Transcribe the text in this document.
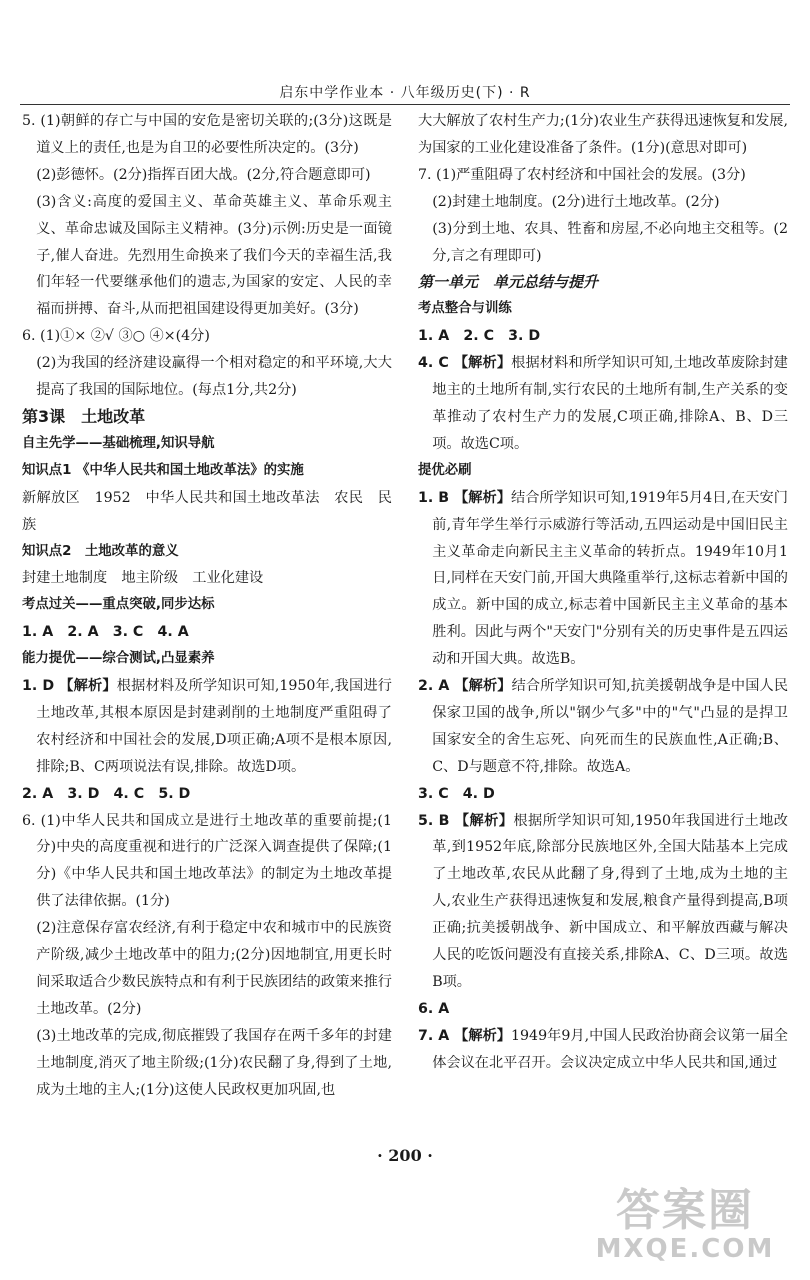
启东中学作业本 · 八年级历史(下) · R

5. (1)朝鲜的存亡与中国的安危是密切关联的;(3分)这既是道义上的责任,也是为自卫的必要性所决定的。(3分)

(2)彭德怀。(2分)指挥百团大战。(2分,符合题意即可)

(3)含义:高度的爱国主义、革命英雄主义、革命乐观主义、革命忠诚及国际主义精神。(3分)示例:历史是一面镜子,催人奋进。先烈用生命换来了我们今天的幸福生活,我们年轻一代要继承他们的遗志,为国家的安定、人民的幸福而拼搏、奋斗,从而把祖国建设得更加美好。(3分)

6. (1)①× ②√ ③○ ④×(4分)

(2)为我国的经济建设赢得一个相对稳定的和平环境,大大提高了我国的国际地位。(每点1分,共2分)

第3课　土地改革

自主先学——基础梳理,知识导航

知识点1 《中华人民共和国土地改革法》的实施

新解放区　1952　中华人民共和国土地改革法　农民　民族

知识点2　土地改革的意义

封建土地制度　地主阶级　工业化建设

考点过关——重点突破,同步达标

1. A　2. A　3. C　4. A

能力提优——综合测试,凸显素养

1. D 【解析】根据材料及所学知识可知,1950年,我国进行土地改革,其根本原因是封建剥削的土地制度严重阻碍了农村经济和中国社会的发展,D项正确;A项不是根本原因,排除;B、C两项说法有误,排除。故选D项。

2. A　3. D　4. C　5. D

6. (1)中华人民共和国成立是进行土地改革的重要前提;(1分)中央的高度重视和进行的广泛深入调查提供了保障;(1分)《中华人民共和国土地改革法》的制定为土地改革提供了法律依据。(1分)

(2)注意保存富农经济,有利于稳定中农和城市中的民族资产阶级,减少土地改革中的阻力;(2分)因地制宜,用更长时间采取适合少数民族特点和有利于民族团结的政策来推行土地改革。(2分)

(3)土地改革的完成,彻底摧毁了我国存在两千多年的封建土地制度,消灭了地主阶级;(1分)农民翻了身,得到了土地,成为土地的主人;(1分)这使人民政权更加巩固,也

大大解放了农村生产力;(1分)农业生产获得迅速恢复和发展,为国家的工业化建设准备了条件。(1分)(意思对即可)

7. (1)严重阻碍了农村经济和中国社会的发展。(3分)

(2)封建土地制度。(2分)进行土地改革。(2分)

(3)分到土地、农具、牲畜和房屋,不必向地主交租等。(2分,言之有理即可)

第一单元　单元总结与提升

考点整合与训练

1. A　2. C　3. D

4. C 【解析】根据材料和所学知识可知,土地改革废除封建地主的土地所有制,实行农民的土地所有制,生产关系的变革推动了农村生产力的发展,C项正确,排除A、B、D三项。故选C项。

提优必刷

1. B 【解析】结合所学知识可知,1919年5月4日,在天安门前,青年学生举行示威游行等活动,五四运动是中国旧民主主义革命走向新民主主义革命的转折点。1949年10月1日,同样在天安门前,开国大典隆重举行,这标志着新中国的成立。新中国的成立,标志着中国新民主主义革命的基本胜利。因此与两个"天安门"分别有关的历史事件是五四运动和开国大典。故选B。

2. A 【解析】结合所学知识可知,抗美援朝战争是中国人民保家卫国的战争,所以"钢少气多"中的"气"凸显的是捍卫国家安全的舍生忘死、向死而生的民族血性,A正确;B、C、D与题意不符,排除。故选A。

3. C　4. D

5. B 【解析】根据所学知识可知,1950年我国进行土地改革,到1952年底,除部分民族地区外,全国大陆基本上完成了土地改革,农民从此翻了身,得到了土地,成为土地的主人,农业生产获得迅速恢复和发展,粮食产量得到提高,B项正确;抗美援朝战争、新中国成立、和平解放西藏与解决人民的吃饭问题没有直接关系,排除A、C、D三项。故选B项。

6. A

7. A 【解析】1949年9月,中国人民政治协商会议第一届全体会议在北平召开。会议决定成立中华人民共和国,通过

· 200 ·
答案圈
MXQE.COM
